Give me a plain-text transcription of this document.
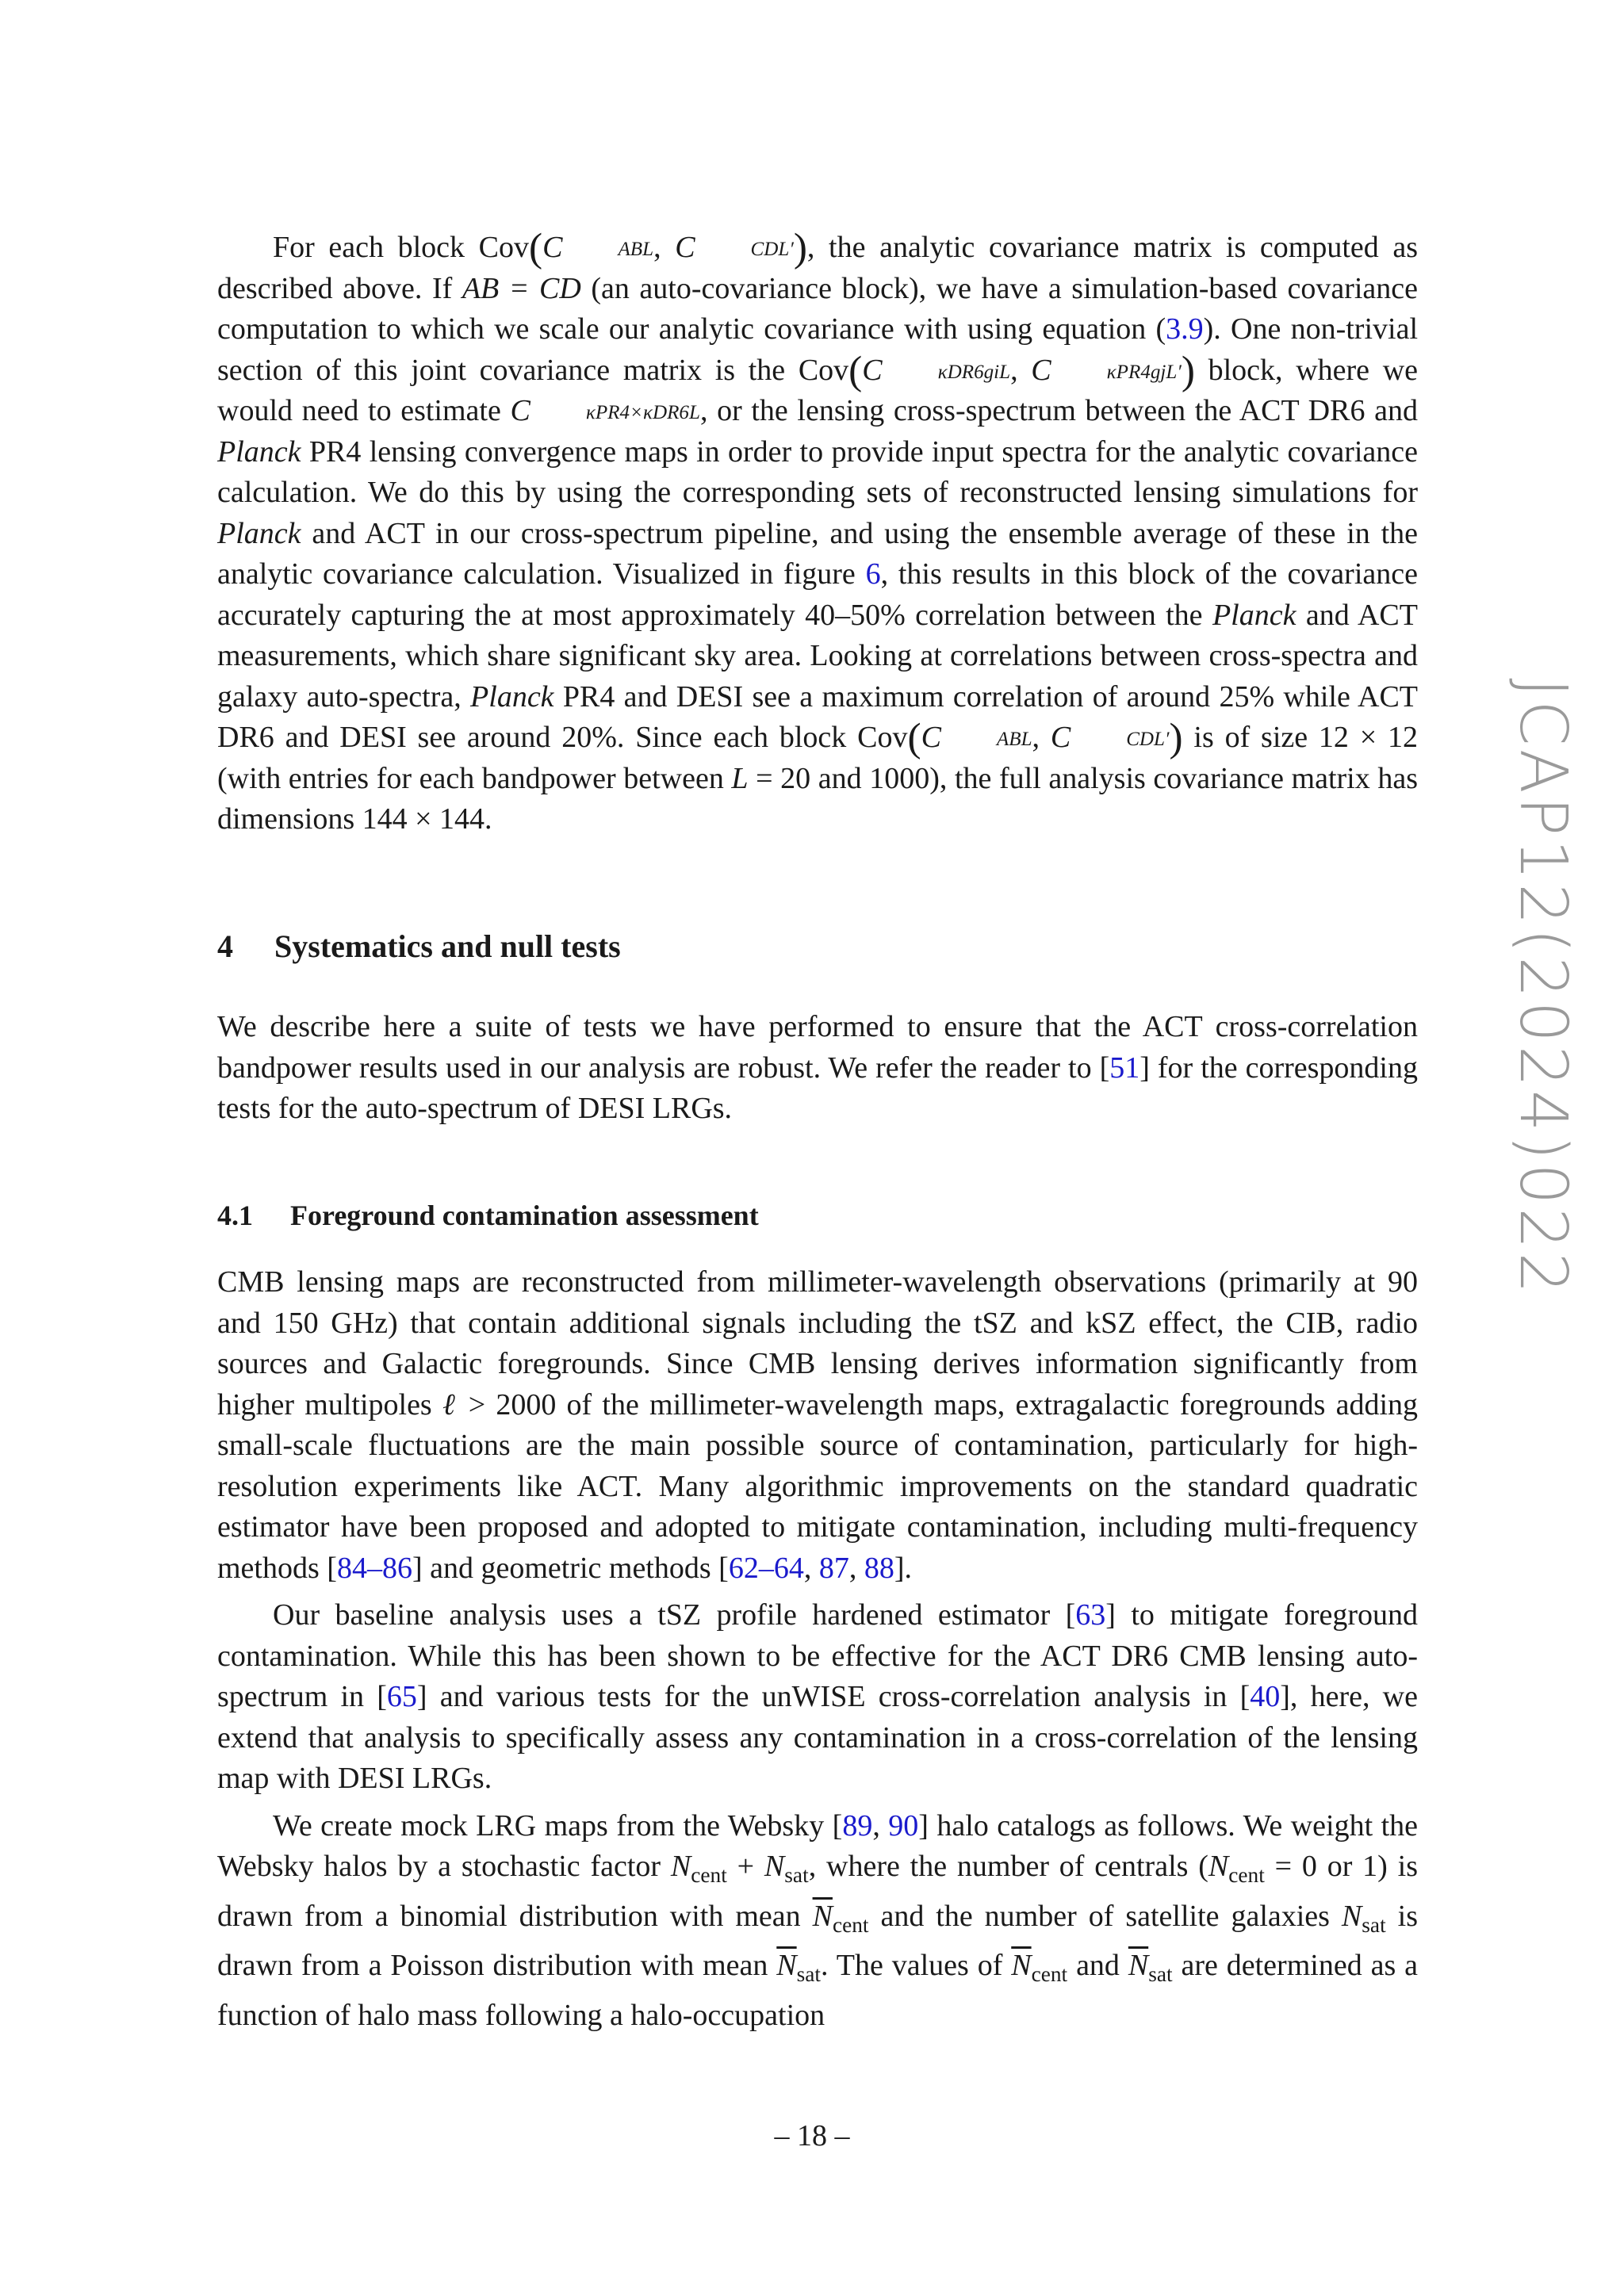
For each block Cov(C	ABL, C	CDL′), the analytic covariance matrix is computed as described above. If AB = CD (an auto-covariance block), we have a simulation-based covariance computation to which we scale our analytic covariance with using equation (3.9). One non-trivial section of this joint covariance matrix is the Cov(C	κDR6giL, C	κPR4gjL′) block, where we would need to estimate C	κPR4×κDR6L, or the lensing cross-spectrum between the ACT DR6 and Planck PR4 lensing convergence maps in order to provide input spectra for the analytic covariance calculation. We do this by using the corresponding sets of reconstructed lensing simulations for Planck and ACT in our cross-spectrum pipeline, and using the ensemble average of these in the analytic covariance calculation. Visualized in figure 6, this results in this block of the covariance accurately capturing the at most approximately 40–50% correlation between the Planck and ACT measurements, which share significant sky area. Looking at correlations between cross-spectra and galaxy auto-spectra, Planck PR4 and DESI see a maximum correlation of around 25% while ACT DR6 and DESI see around 20%. Since each block Cov(C	ABL, C	CDL′) is of size 12 × 12 (with entries for each bandpower between L = 20 and 1000), the full analysis covariance matrix has dimensions 144 × 144.

4 Systematics and null tests

We describe here a suite of tests we have performed to ensure that the ACT cross-correlation bandpower results used in our analysis are robust. We refer the reader to [51] for the corresponding tests for the auto-spectrum of DESI LRGs.

4.1 Foreground contamination assessment

CMB lensing maps are reconstructed from millimeter-wavelength observations (primarily at 90 and 150 GHz) that contain additional signals including the tSZ and kSZ effect, the CIB, radio sources and Galactic foregrounds. Since CMB lensing derives information significantly from higher multipoles ℓ > 2000 of the millimeter-wavelength maps, extragalactic foregrounds adding small-scale fluctuations are the main possible source of contamination, particularly for high-resolution experiments like ACT. Many algorithmic improvements on the standard quadratic estimator have been proposed and adopted to mitigate contamination, including multi-frequency methods [84–86] and geometric methods [62–64, 87, 88].

Our baseline analysis uses a tSZ profile hardened estimator [63] to mitigate foreground contamination. While this has been shown to be effective for the ACT DR6 CMB lensing auto-spectrum in [65] and various tests for the unWISE cross-correlation analysis in [40], here, we extend that analysis to specifically assess any contamination in a cross-correlation of the lensing map with DESI LRGs.

We create mock LRG maps from the Websky [89, 90] halo catalogs as follows. We weight the Websky halos by a stochastic factor $N_{cent} + N_{sat}$, where the number of centrals ($N_{cent} = 0$ or 1) is drawn from a binomial distribution with mean $\overline{N}_{cent}$ and the number of satellite galaxies $N_{sat}$ is drawn from a Poisson distribution with mean $\overline{N}_{sat}$. The values of $\overline{N}_{cent}$ and $\overline{N}_{sat}$ are determined as a function of halo mass following a halo-occupation

JCAP12(2024)022
– 18 –
